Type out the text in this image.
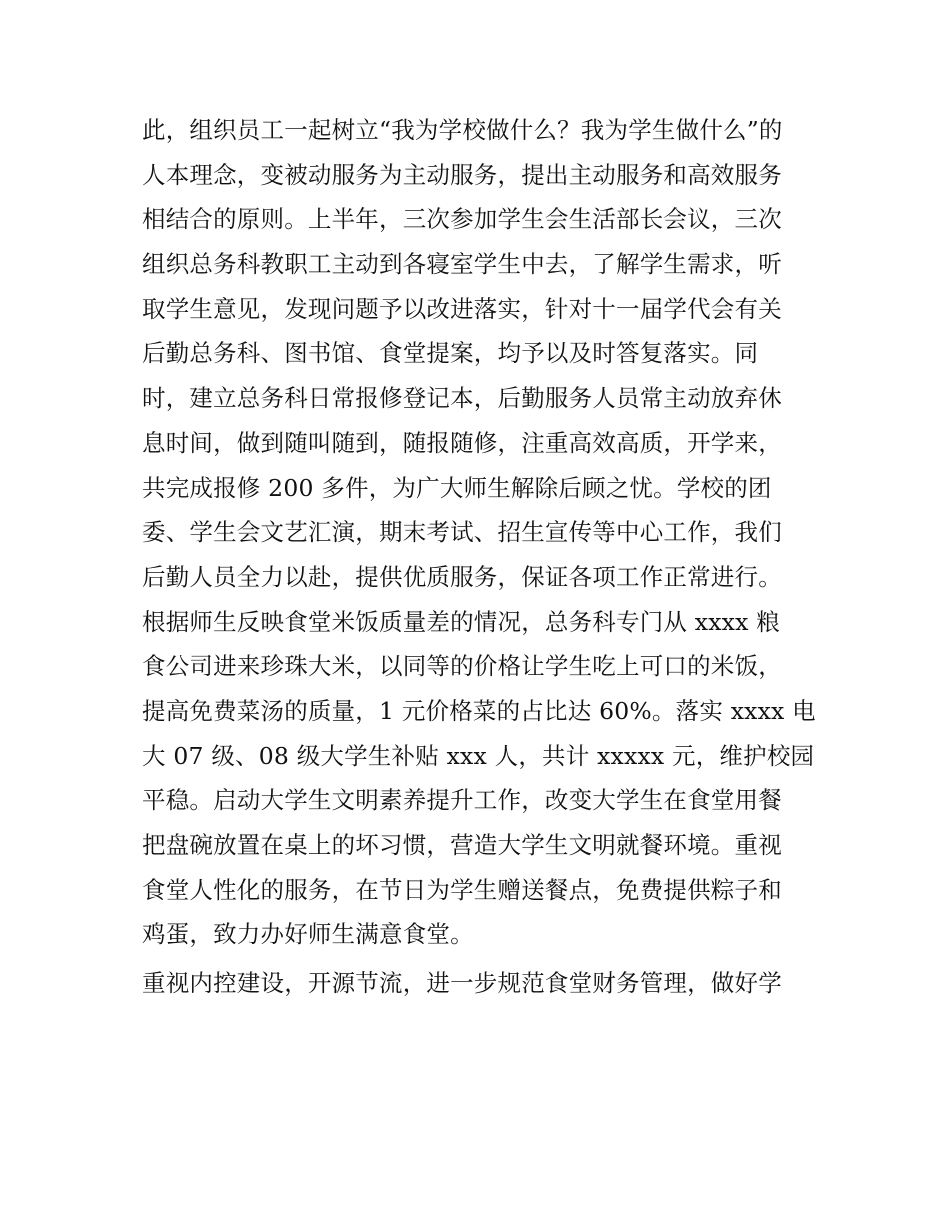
此，组织员工一起树立“我为学校做什么？我为学生做什么”的
人本理念，变被动服务为主动服务，提出主动服务和高效服务
相结合的原则。上半年，三次参加学生会生活部长会议，三次
组织总务科教职工主动到各寝室学生中去，了解学生需求，听
取学生意见，发现问题予以改进落实，针对十一届学代会有关
后勤总务科、图书馆、食堂提案，均予以及时答复落实。同
时，建立总务科日常报修登记本，后勤服务人员常主动放弃休
息时间，做到随叫随到，随报随修，注重高效高质，开学来，
共完成报修 200 多件，为广大师生解除后顾之忧。学校的团
委、学生会文艺汇演，期末考试、招生宣传等中心工作，我们
后勤人员全力以赴，提供优质服务，保证各项工作正常进行。
根据师生反映食堂米饭质量差的情况，总务科专门从 xxxx 粮
食公司进来珍珠大米，以同等的价格让学生吃上可口的米饭，
提高免费菜汤的质量，1 元价格菜的占比达 60%。落实 xxxx 电
大 07 级、08 级大学生补贴 xxx 人，共计 xxxxx 元，维护校园
平稳。启动大学生文明素养提升工作，改变大学生在食堂用餐
把盘碗放置在桌上的坏习惯，营造大学生文明就餐环境。重视
食堂人性化的服务，在节日为学生赠送餐点，免费提供粽子和
鸡蛋，致力办好师生满意食堂。
重视内控建设，开源节流，进一步规范食堂财务管理，做好学
